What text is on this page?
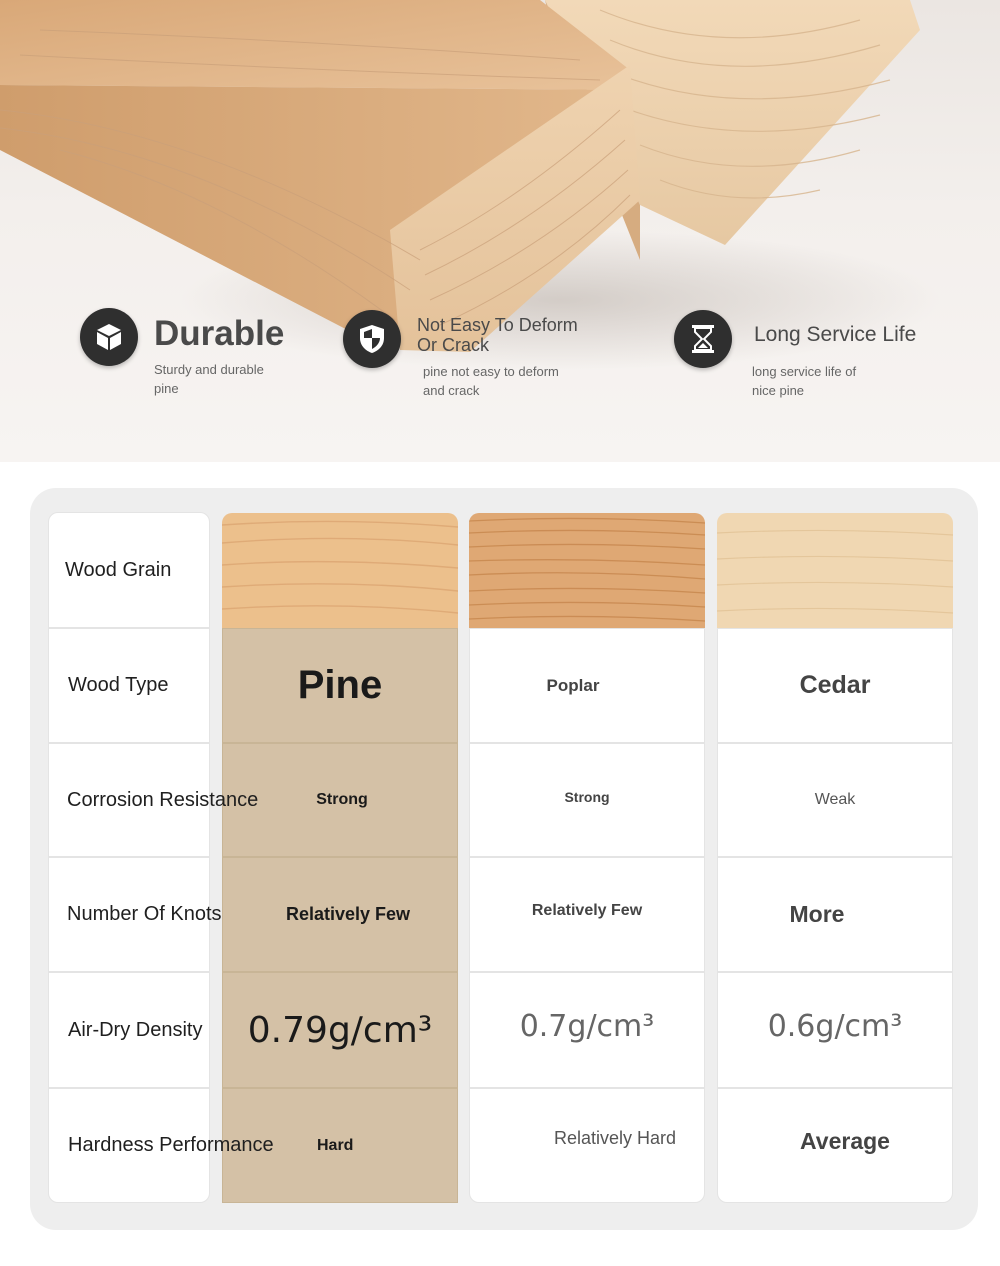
Durable
Sturdy and durable
pine
Not Easy To Deform
Or Crack
pine not easy to deform
and crack
Long Service Life
long service life of
nice pine
Wood Grain
Wood Type
Corrosion Resistance
Number Of Knots
Air-Dry Density
Hardness Performance
Pine
Strong
Relatively Few
0.79g/cm³
Hard
Poplar
Strong
Relatively Few
0.7g/cm³
Relatively Hard
Cedar
Weak
More
0.6g/cm³
Average
